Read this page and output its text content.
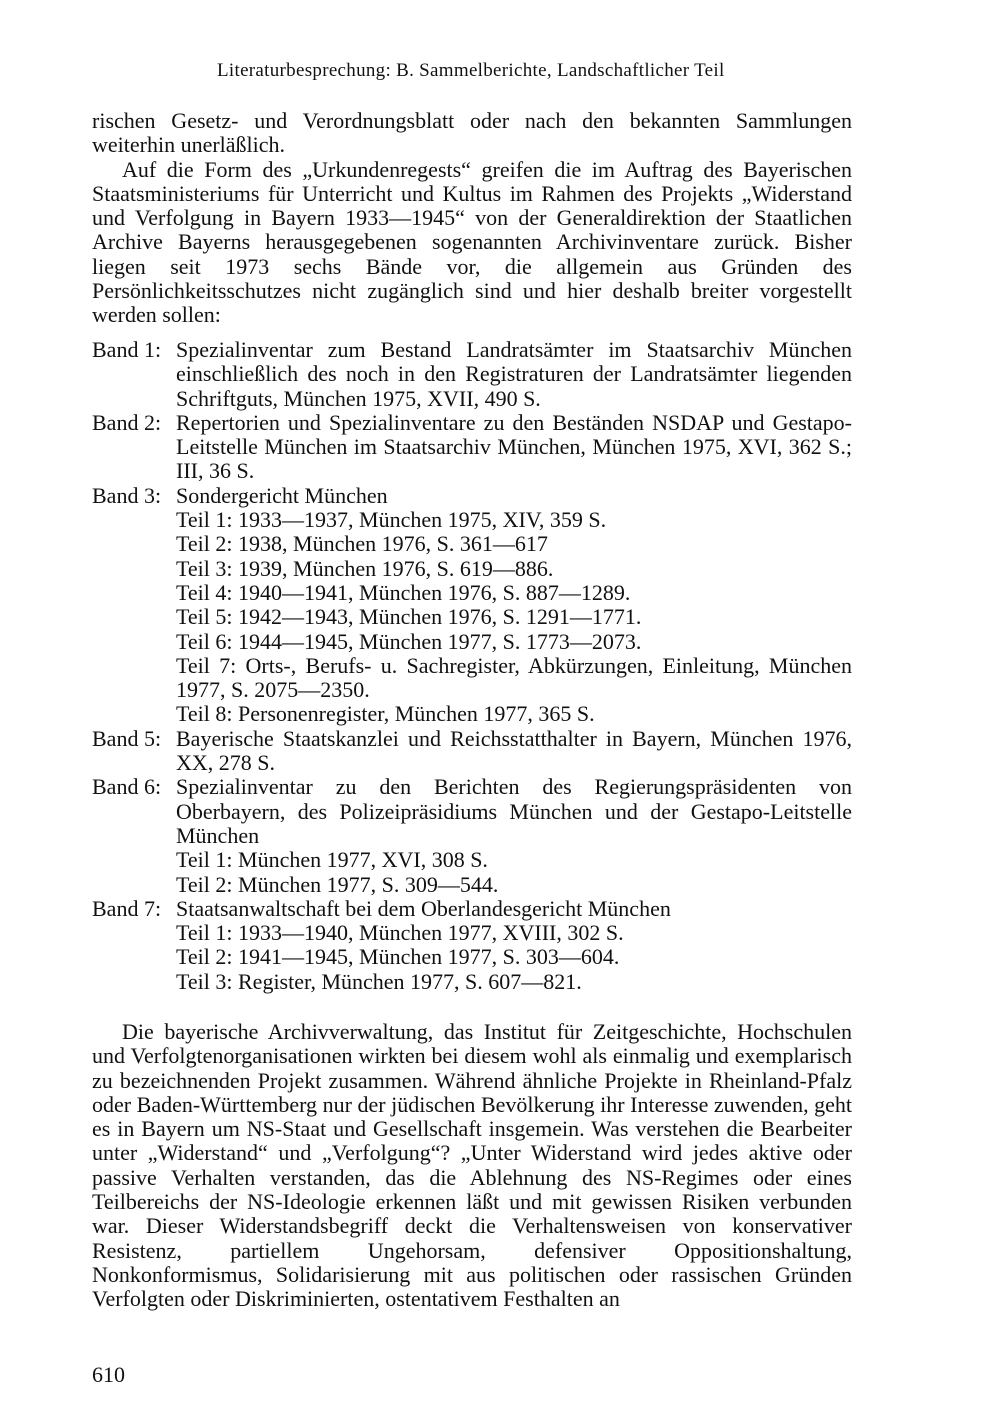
Literaturbesprechung: B. Sammelberichte, Landschaftlicher Teil

rischen Gesetz- und Verordnungsblatt oder nach den bekannten Sammlungen weiterhin unerläßlich.

Auf die Form des „Urkundenregests“ greifen die im Auftrag des Bayerischen Staatsministeriums für Unterricht und Kultus im Rahmen des Projekts „Widerstand und Verfolgung in Bayern 1933—1945“ von der Generaldirektion der Staatlichen Archive Bayerns herausgegebenen sogenannten Archivinventare zurück. Bisher liegen seit 1973 sechs Bände vor, die allgemein aus Gründen des Persönlichkeitsschutzes nicht zugänglich sind und hier deshalb breiter vorgestellt werden sollen:

Band 1: Spezialinventar zum Bestand Landratsämter im Staatsarchiv München einschließlich des noch in den Registraturen der Landratsämter liegenden Schriftguts, München 1975, XVII, 490 S.
Band 2: Repertorien und Spezialinventare zu den Beständen NSDAP und Gestapo-Leitstelle München im Staatsarchiv München, München 1975, XVI, 362 S.; III, 36 S.
Band 3: Sondergericht München
Teil 1: 1933—1937, München 1975, XIV, 359 S.
Teil 2: 1938, München 1976, S. 361—617
Teil 3: 1939, München 1976, S. 619—886.
Teil 4: 1940—1941, München 1976, S. 887—1289.
Teil 5: 1942—1943, München 1976, S. 1291—1771.
Teil 6: 1944—1945, München 1977, S. 1773—2073.
Teil 7: Orts-, Berufs- u. Sachregister, Abkürzungen, Einleitung, München 1977, S. 2075—2350.
Teil 8: Personenregister, München 1977, 365 S.
Band 5: Bayerische Staatskanzlei und Reichsstatthalter in Bayern, München 1976, XX, 278 S.
Band 6: Spezialinventar zu den Berichten des Regierungspräsidenten von Oberbayern, des Polizeipräsidiums München und der Gestapo-Leitstelle München
Teil 1: München 1977, XVI, 308 S.
Teil 2: München 1977, S. 309—544.
Band 7: Staatsanwaltschaft bei dem Oberlandesgericht München
Teil 1: 1933—1940, München 1977, XVIII, 302 S.
Teil 2: 1941—1945, München 1977, S. 303—604.
Teil 3: Register, München 1977, S. 607—821.

Die bayerische Archivverwaltung, das Institut für Zeitgeschichte, Hochschulen und Verfolgtenorganisationen wirkten bei diesem wohl als einmalig und exemplarisch zu bezeichnenden Projekt zusammen. Während ähnliche Projekte in Rheinland-Pfalz oder Baden-Württemberg nur der jüdischen Bevölkerung ihr Interesse zuwenden, geht es in Bayern um NS-Staat und Gesellschaft insgemein. Was verstehen die Bearbeiter unter „Widerstand“ und „Verfolgung“? „Unter Widerstand wird jedes aktive oder passive Verhalten verstanden, das die Ablehnung des NS-Regimes oder eines Teilbereichs der NS-Ideologie erkennen läßt und mit gewissen Risiken verbunden war. Dieser Widerstandsbegriff deckt die Verhaltensweisen von konservativer Resistenz, partiellem Ungehorsam, defensiver Oppositionshaltung, Nonkonformismus, Solidarisierung mit aus politischen oder rassischen Gründen Verfolgten oder Diskriminierten, ostentativem Festhalten an

610
